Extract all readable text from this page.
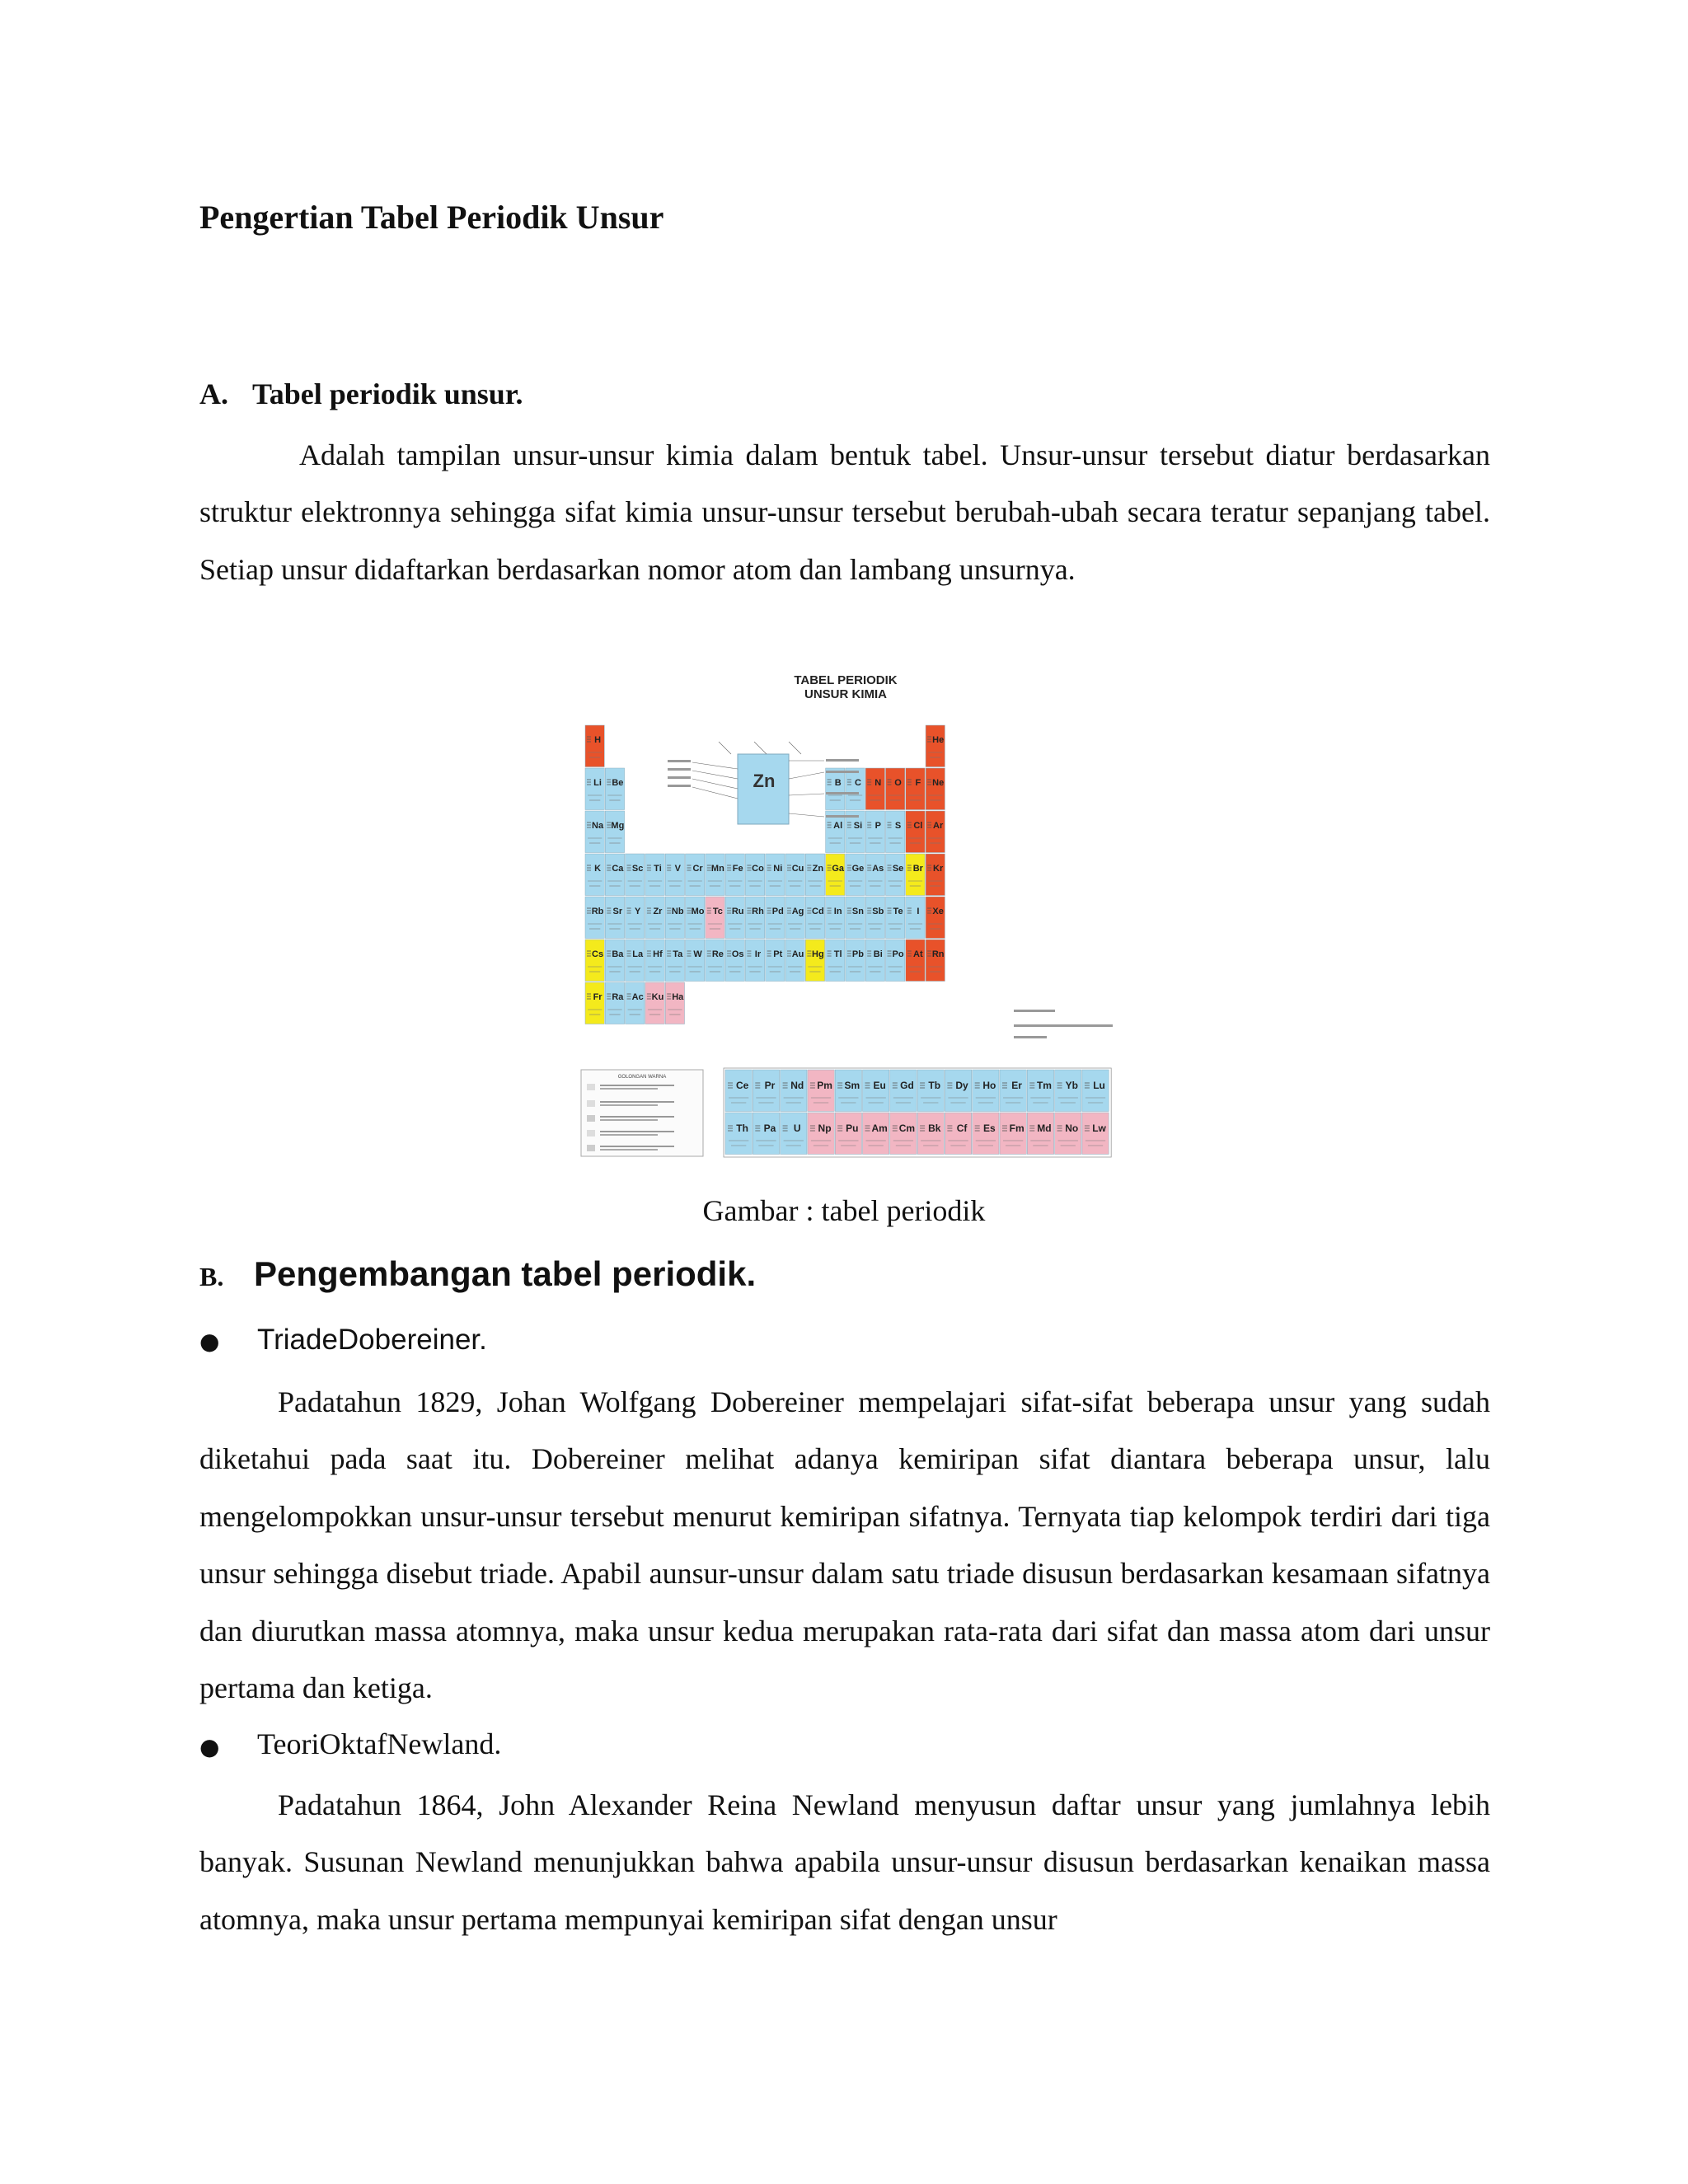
Pengertian Tabel Periodik Unsur
A. Tabel periodik unsur.
Adalah tampilan unsur-unsur kimia dalam bentuk tabel. Unsur-unsur tersebut diatur berdasarkan struktur elektronnya sehingga sifat kimia unsur-unsur tersebut berubah-ubah secara teratur sepanjang tabel. Setiap unsur didaftarkan berdasarkan nomor atom dan lambang unsurnya.
TABEL PERIODIK
UNSUR KIMIA
H	He
Li Be	B C N O F Ne
Na Mg	Al Si P S Cl Ar
K Ca Sc Ti V Cr Mn Fe Co Ni Cu Zn Ga Ge As Se Br Kr
Rb Sr Y Zr Nb Mo Tc Ru Rh Pd Ag Cd In Sn Sb Te I Xe
Cs Ba La Hf Ta W Re Os Ir Pt Au Hg Tl Pb Bi Po At Rn
Fr Ra Ac Ku Ha
Zn
GOLONGAN WARNA
Ce Pr Nd Pm Sm Eu Gd Tb Dy Ho Er Tm Yb Lu
Th Pa U Np Pu Am Cm Bk Cf Es Fm Md No Lw
Gambar : tabel periodik
B. Pengembangan tabel periodik.
● TriadeDobereiner.
Padatahun 1829, Johan Wolfgang Dobereiner mempelajari sifat-sifat beberapa unsur yang sudah diketahui pada saat itu. Dobereiner melihat adanya kemiripan sifat diantara beberapa unsur, lalu mengelompokkan unsur-unsur tersebut menurut kemiripan sifatnya. Ternyata tiap kelompok terdiri dari tiga unsur sehingga disebut triade. Apabil aunsur-unsur dalam satu triade disusun berdasarkan kesamaan sifatnya dan diurutkan massa atomnya, maka unsur kedua merupakan rata-rata dari sifat dan massa atom dari unsur pertama dan ketiga.
● TeoriOktafNewland.
Padatahun 1864, John Alexander Reina Newland menyusun daftar unsur yang jumlahnya lebih banyak. Susunan Newland menunjukkan bahwa apabila unsur-unsur disusun berdasarkan kenaikan massa atomnya, maka unsur pertama mempunyai kemiripan sifat dengan unsur
